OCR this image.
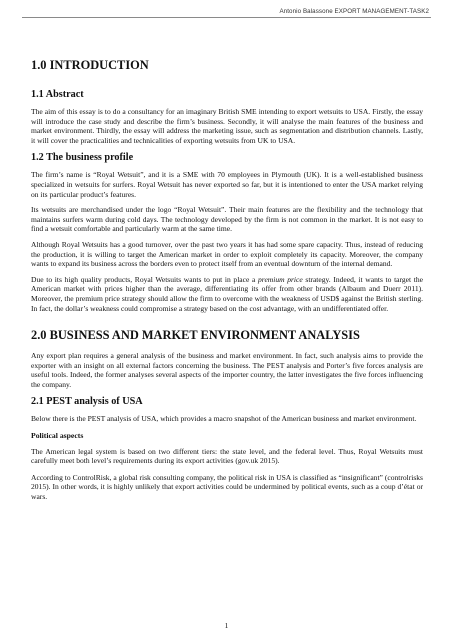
Antonio Balassone EXPORT MANAGEMENT-TASK2
1.0 INTRODUCTION
1.1 Abstract

The aim of this essay is to do a consultancy for an imaginary British SME intending to export wetsuits to USA. Firstly, the essay will introduce the case study and describe the firm’s business. Secondly, it will analyse the main features of the business and market environment. Thirdly, the essay will address the marketing issue, such as segmentation and distribution channels. Lastly, it will cover the practicalities and technicalities of exporting wetsuits from UK to USA.

1.2 The business profile

The firm’s name is “Royal Wetsuit”, and it is a SME with 70 employees in Plymouth (UK). It is a well-established business specialized in wetsuits for surfers. Royal Wetsuit has never exported so far, but it is intentioned to enter the USA market relying on its particular product’s features.

Its wetsuits are merchandised under the logo “Royal Wetsuit”. Their main features are the flexibility and the technology that maintains surfers warm during cold days. The technology developed by the firm is not common in the market. It is not easy to find a wetsuit comfortable and particularly warm at the same time.

Although Royal Wetsuits has a good turnover, over the past two years it has had some spare capacity. Thus, instead of reducing the production, it is willing to target the American market in order to exploit completely its capacity. Moreover, the company wants to expand its business across the borders even to protect itself from an eventual downturn of the internal demand.

Due to its high quality products, Royal Wetsuits wants to put in place a premium price strategy. Indeed, it wants to target the American market with prices higher than the average, differentiating its offer from other brands (Albaum and Duerr 2011). Moreover, the premium price strategy should allow the firm to overcome with the weakness of USD$ against the British sterling. In fact, the dollar’s weakness could compromise a strategy based on the cost advantage, with an undifferentiated offer.

2.0 BUSINESS AND MARKET ENVIRONMENT ANALYSIS

Any export plan requires a general analysis of the business and market environment. In fact, such analysis aims to provide the exporter with an insight on all external factors concerning the business. The PEST analysis and Porter’s five forces analysis are useful tools. Indeed, the former analyses several aspects of the importer country, the latter investigates the five forces influencing the company.

2.1 PEST analysis of USA

Below there is the PEST analysis of USA, which provides a macro snapshot of the American business and market environment.

Political aspects

The American legal system is based on two different tiers: the state level, and the federal level. Thus, Royal Wetsuits must carefully meet both level’s requirements during its export activities (gov.uk 2015).

According to ControlRisk, a global risk consulting company, the political risk in USA is classified as “insignificant” (controlrisks 2015). In other words, it is highly unlikely that export activities could be undermined by political events, such as a coup d’état or wars.

1
